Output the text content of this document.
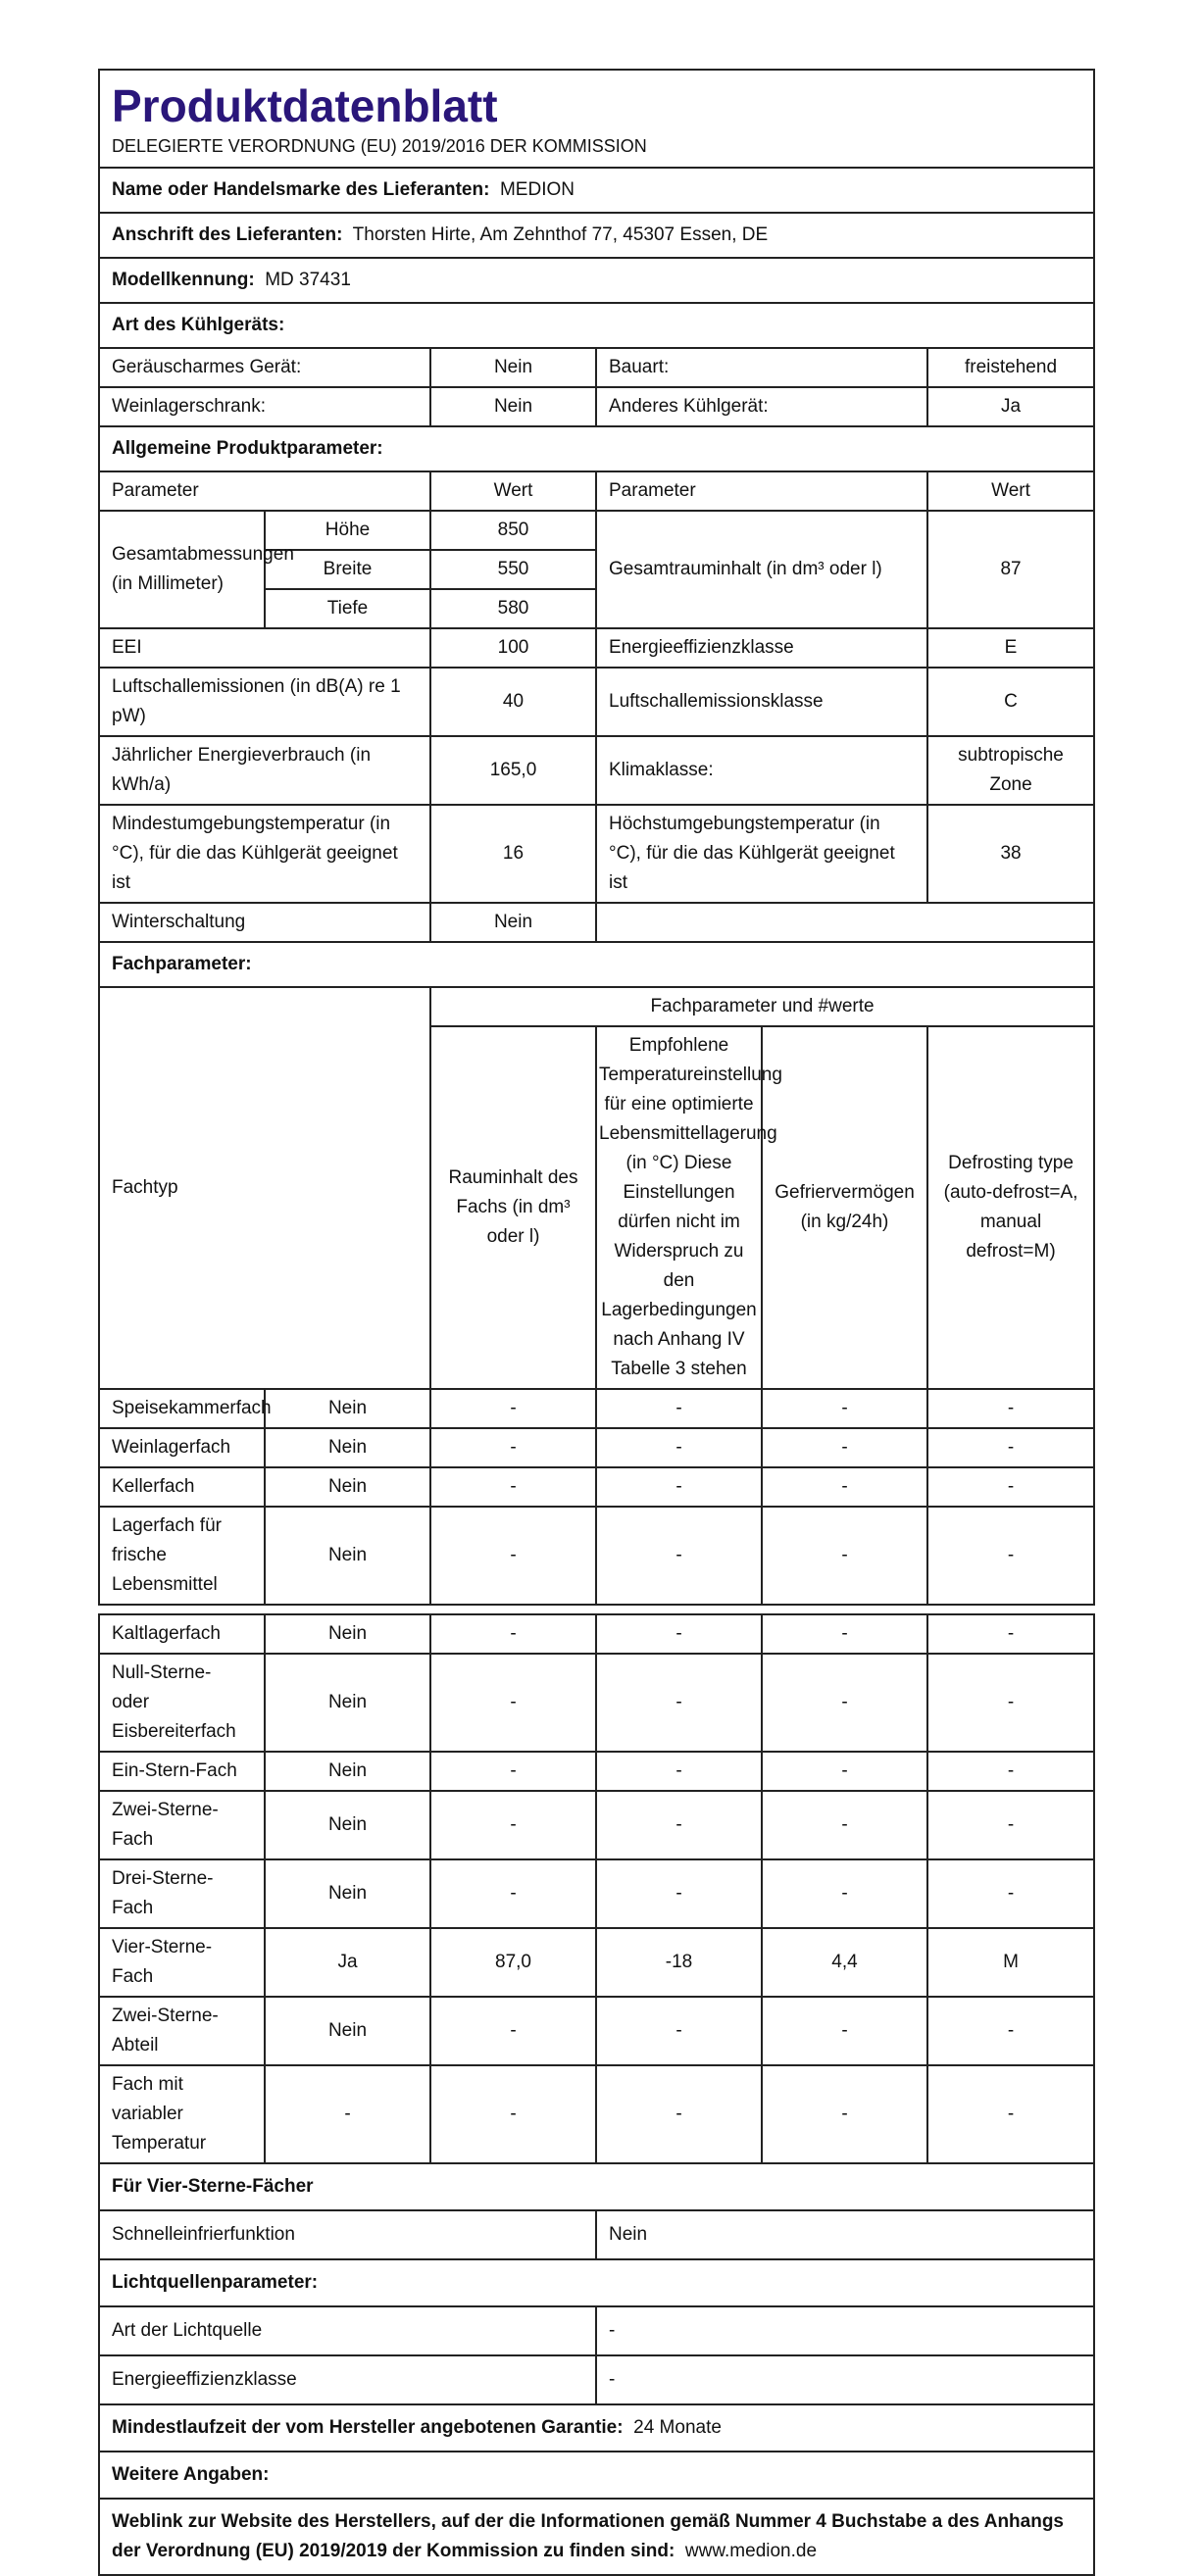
Produktdatenblatt
DELEGIERTE VERORDNUNG (EU) 2019/2016 DER KOMMISSION					

Name oder Handelsmarke des Lieferanten: MEDION					
Anschrift des Lieferanten: Thorsten Hirte, Am Zehnthof 77, 45307 Essen, DE					
Modellkennung: MD 37431					
Art des Kühlgeräts:					
Geräuscharmes Gerät:		Nein	Bauart:		freistehend
Weinlagerschrank:		Nein	Anderes Kühlgerät:		Ja
Allgemeine Produktparameter:					
Parameter		Wert	Parameter		Wert
Gesamtabmessungen (in Millimeter)	Höhe	850	Gesamtrauminhalt (in dm³ oder l)		87
	Breite	550			
	Tiefe	580			
EEI		100	Energieeffizienzklasse		E
Luftschallemissionen (in dB(A) re 1 pW)		40	Luftschallemissionsklasse		C
Jährlicher Energieverbrauch (in kWh/a)		165,0	Klimaklasse:		subtropische Zone
Mindestumgebungstemperatur (in °C), für die das Kühlgerät geeignet ist		16	Höchstumgebungstemperatur (in °C), für die das Kühlgerät geeignet ist		38
Winterschaltung		Nein			
Fachparameter:					
Fachtyp		Fachparameter und #werte			
		Rauminhalt des Fachs (in dm³ oder l)	Empfohlene Temperatureinstellung für eine optimierte Lebensmittellagerung (in °C) Diese Einstellungen dürfen nicht im Widerspruch zu den Lagerbedingungen nach Anhang IV Tabelle 3 stehen	Gefriervermögen (in kg/24h)	Defrosting type (auto-defrost=A, manual defrost=M)
Speisekammerfach	Nein	-	-	-	-
Weinlagerfach	Nein	-	-	-	-
Kellerfach	Nein	-	-	-	-
Lagerfach für frische Lebensmittel	Nein	-	-	-	-

Kaltlagerfach	Nein	-	-	-	-
Null-Sterne- oder Eisbereiterfach	Nein	-	-	-	-
Ein-Stern-Fach	Nein	-	-	-	-
Zwei-Sterne-Fach	Nein	-	-	-	-
Drei-Sterne-Fach	Nein	-	-	-	-
Vier-Sterne-Fach	Ja	87,0	-18	4,4	M
Zwei-Sterne-Abteil	Nein	-	-	-	-
Fach mit variabler Temperatur	-	-	-	-	-
Für Vier-Sterne-Fächer					
Schnelleinfrierfunktion			Nein		
Lichtquellenparameter:					
Art der Lichtquelle			-		
Energieeffizienzklasse			-		
Mindestlaufzeit der vom Hersteller angebotenen Garantie: 24 Monate					
Weitere Angaben:					
Weblink zur Website des Herstellers, auf der die Informationen gemäß Nummer 4 Buchstabe a des Anhangs der Verordnung (EU) 2019/2019 der Kommission zu finden sind: www.medion.de					
